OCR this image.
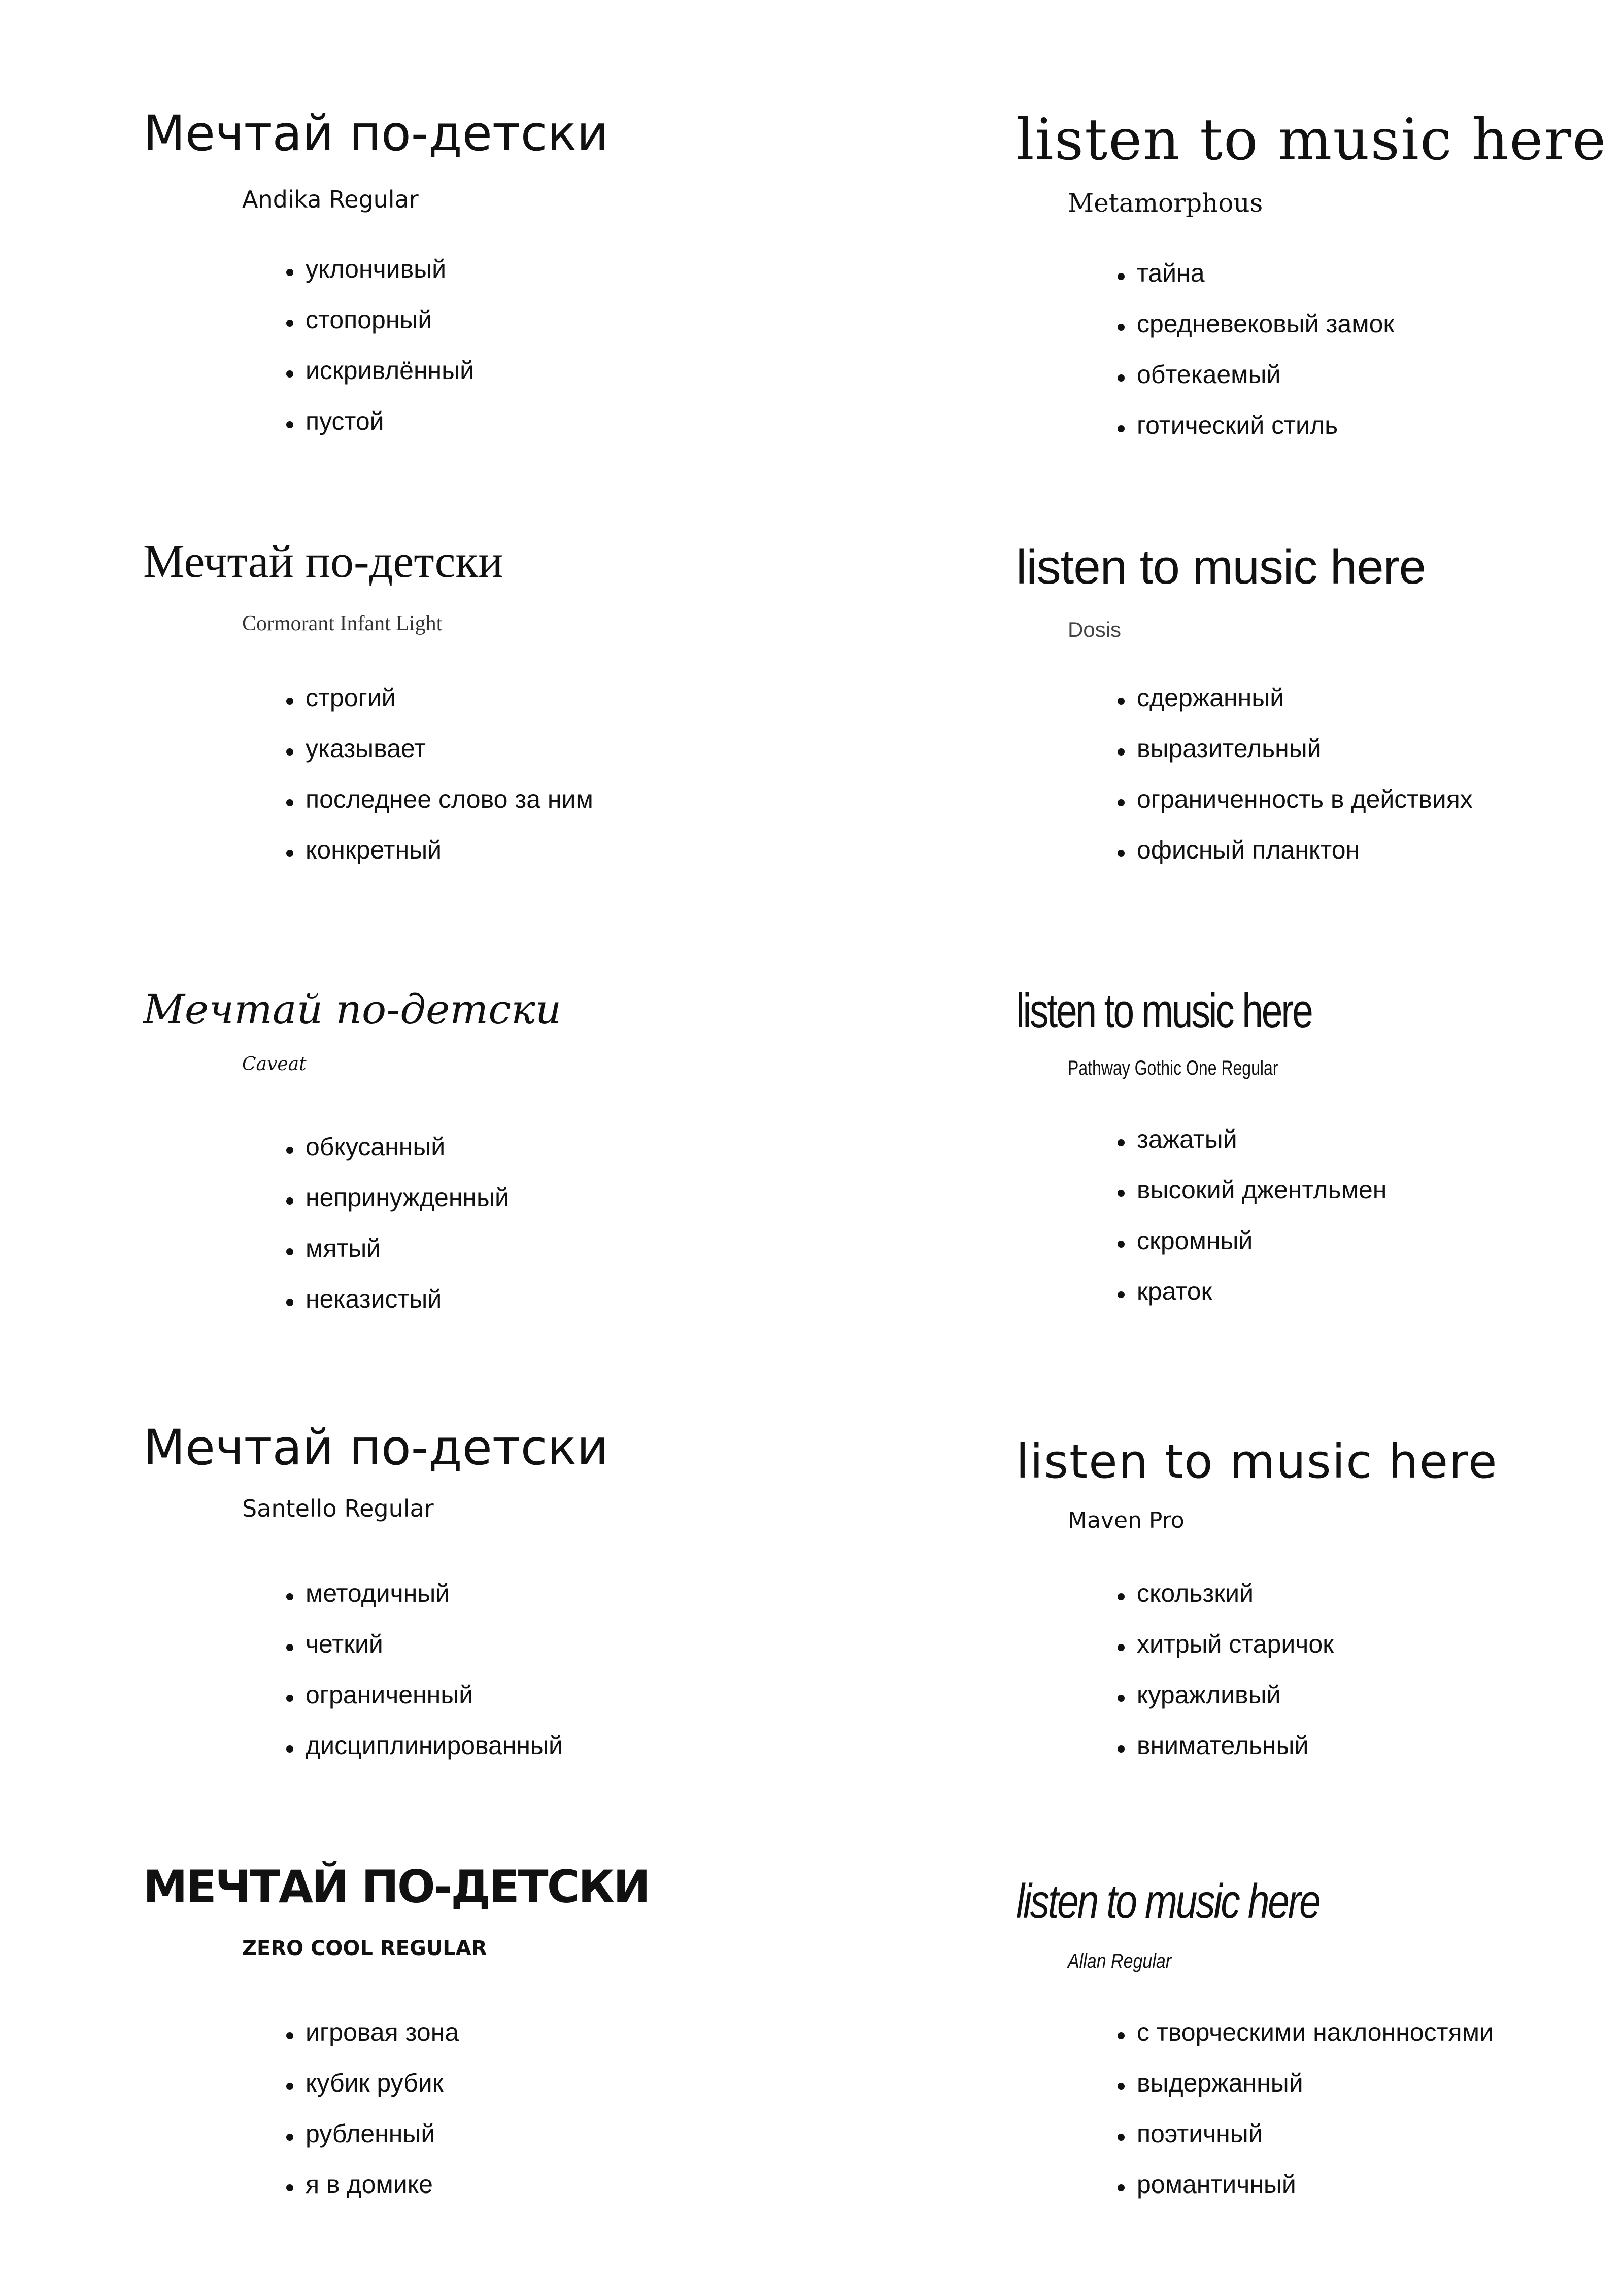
Мечтай по-детски
Andika Regular
уклончивый
стопорный
искривлённый
пустой
Мечтай по-детски
Cormorant Infant Light
строгий
указывает
последнее слово за ним
конкретный
Мечтай по-детски
Caveat
обкусанный
непринужденный
мятый
неказистый
Мечтай по-детски
Santello Regular
методичный
четкий
ограниченный
дисциплинированный
МЕЧТАЙ ПО-ДЕТСКИ
ZERO COOL REGULAR
игровая зона
кубик рубик
рубленный
я в домике
listen to music here
Metamorphous
тайна
средневековый замок
обтекаемый
готический стиль
listen to music here
Dosis
сдержанный
выразительный
ограниченность в действиях
офисный планктон
listen to music here
Pathway Gothic One Regular
зажатый
высокий джентльмен
скромный
краток
listen to music here
Maven Pro
скользкий
хитрый старичок
куражливый
внимательный
listen to music here
Allan Regular
с творческими наклонностями
выдержанный
поэтичный
романтичный
